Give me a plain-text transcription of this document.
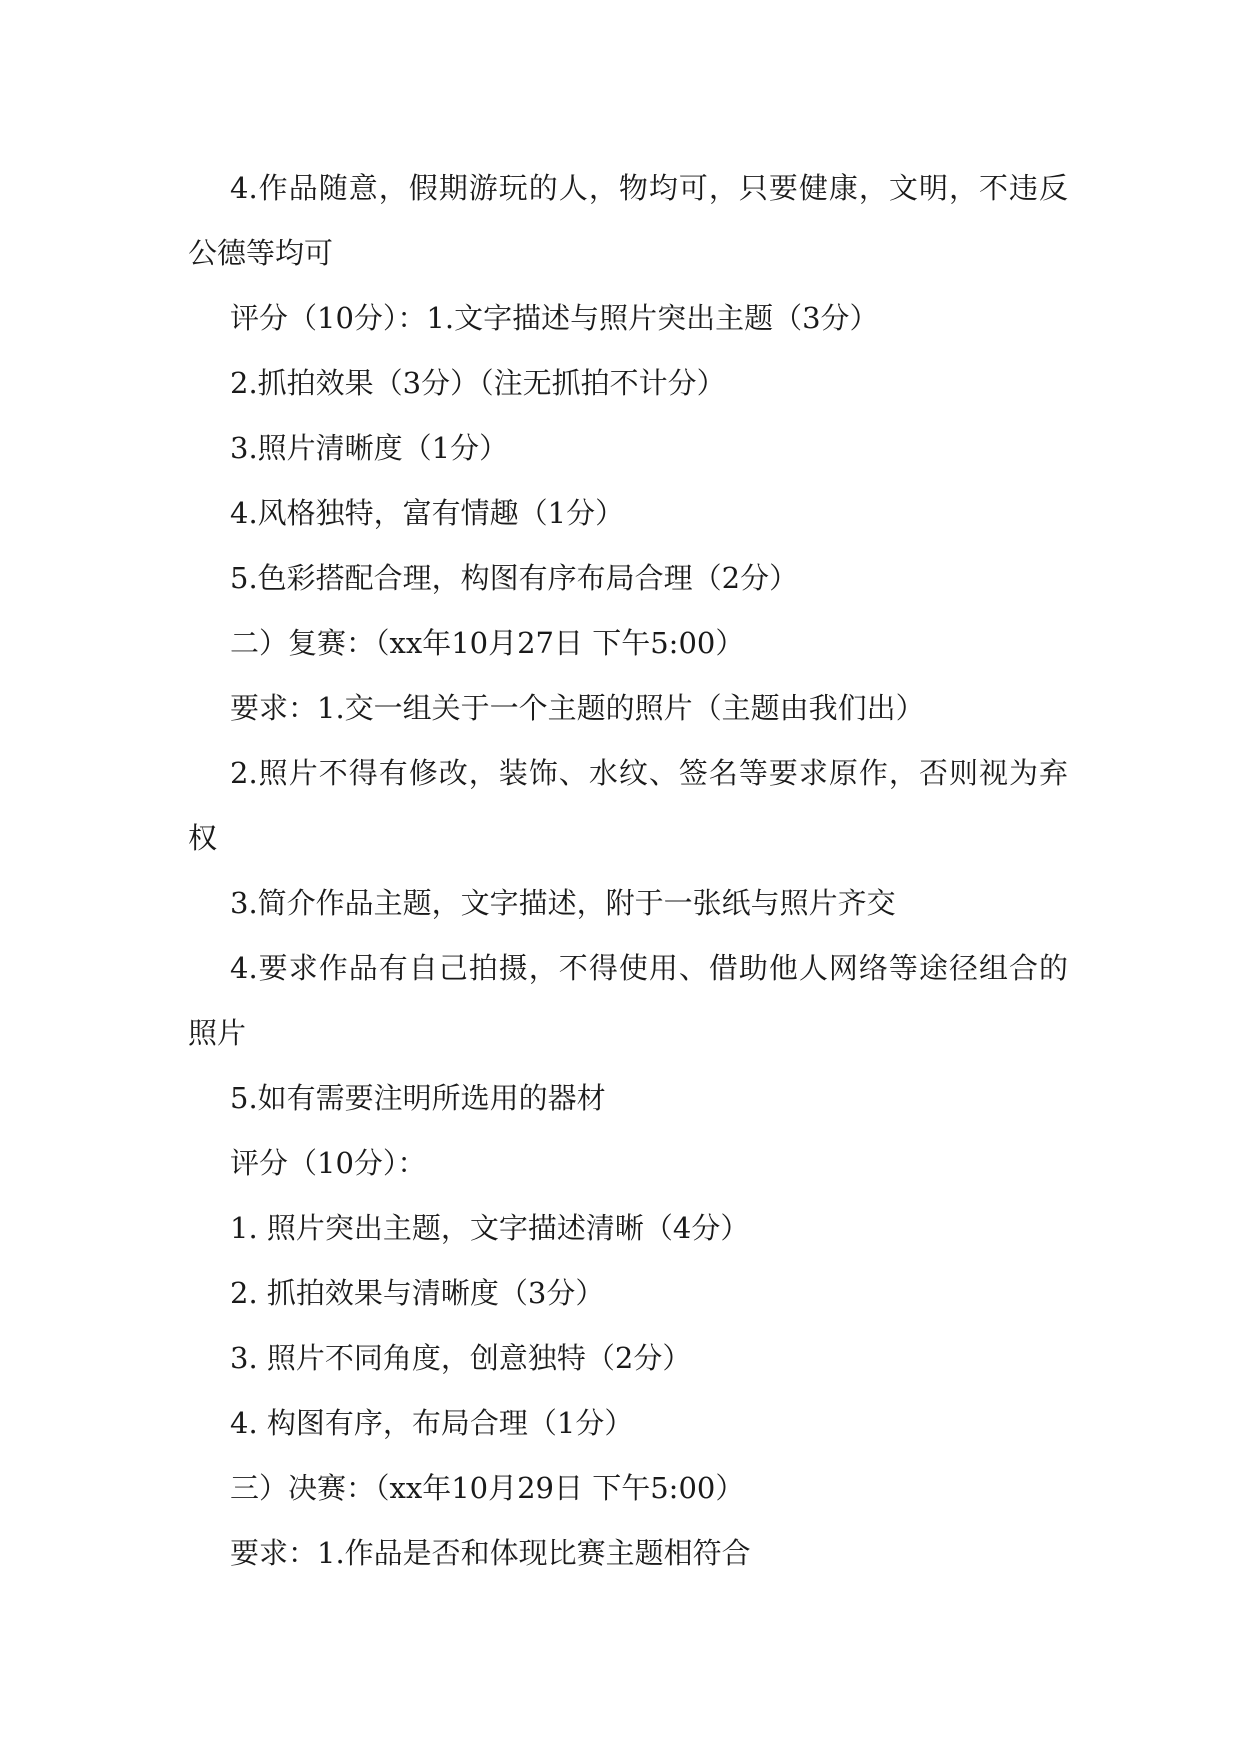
4.作品随意，假期游玩的人，物均可，只要健康，文明，不违反公德等均可

评分（10分）：1.文字描述与照片突出主题（3分）

2.抓拍效果（3分）（注无抓拍不计分）

3.照片清晰度（1分）

4.风格独特，富有情趣（1分）

5.色彩搭配合理，构图有序布局合理（2分）

二）复赛：（xx年10月27日 下午5:00）

要求：1.交一组关于一个主题的照片（主题由我们出）

2.照片不得有修改，装饰、水纹、签名等要求原作，否则视为弃权

3.简介作品主题，文字描述，附于一张纸与照片齐交

4.要求作品有自己拍摄，不得使用、借助他人网络等途径组合的照片

5.如有需要注明所选用的器材

评分（10分）：

1. 照片突出主题，文字描述清晰（4分）

2. 抓拍效果与清晰度（3分）

3. 照片不同角度，创意独特（2分）

4. 构图有序，布局合理（1分）

三）决赛：（xx年10月29日 下午5:00）

要求：1.作品是否和体现比赛主题相符合
